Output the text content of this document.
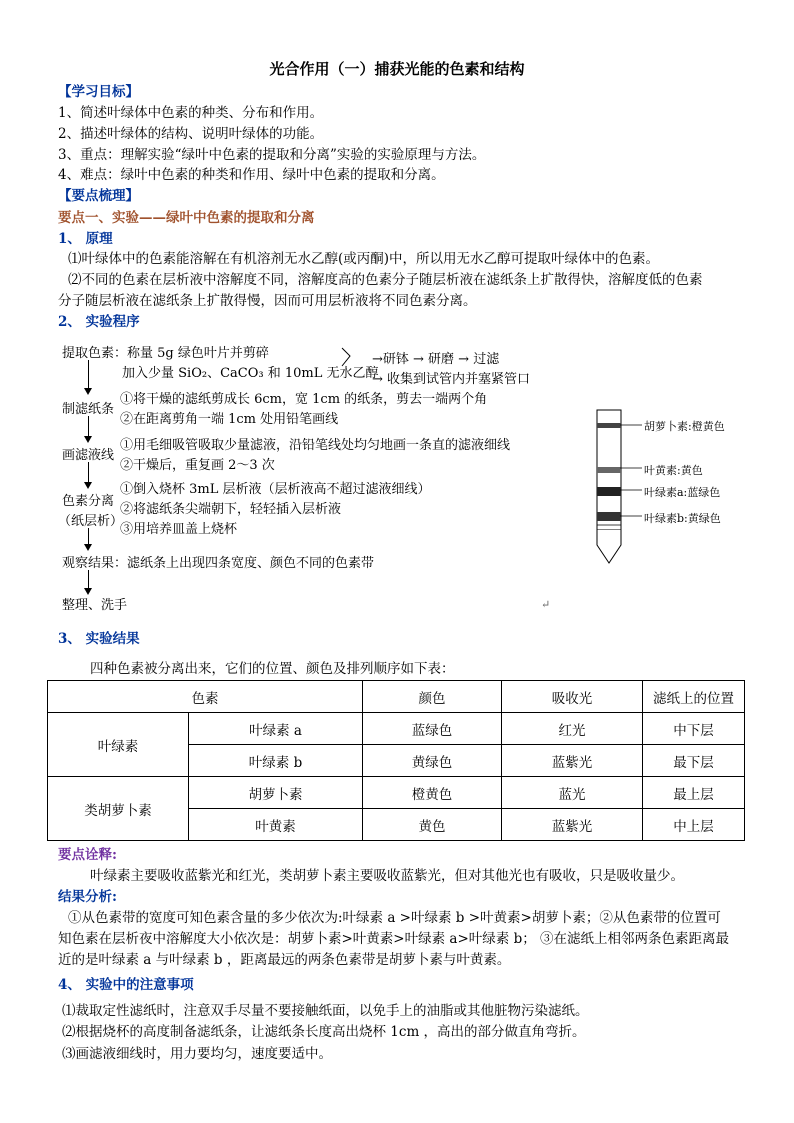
光合作用（一）捕获光能的色素和结构
【学习目标】
1、简述叶绿体中色素的种类、分布和作用。
2、描述叶绿体的结构、说明叶绿体的功能。
3、重点：理解实验“绿叶中色素的提取和分离”实验的实验原理与方法。
4、难点：绿叶中色素的种类和作用、绿叶中色素的提取和分离。
【要点梳理】
要点一、实验——绿叶中色素的提取和分离
1、 原理
⑴叶绿体中的色素能溶解在有机溶剂无水乙醇(或丙酮)中，所以用无水乙醇可提取叶绿体中的色素。
⑵不同的色素在层析液中溶解度不同，溶解度高的色素分子随层析液在滤纸条上扩散得快，溶解度低的色素
分子随层析液在滤纸条上扩散得慢，因而可用层析液将不同色素分离。
2、 实验程序
提取色素：称量 5g 绿色叶片并剪碎
加入少量 SiO₂、CaCO₃ 和 10mL 无水乙醇
→研钵 → 研磨 → 过滤
→ 收集到试管内并塞紧管口
制滤纸条
①将干燥的滤纸剪成长 6cm，宽 1cm 的纸条，剪去一端两个角
②在距离剪角一端 1cm 处用铅笔画线
画滤液线
①用毛细吸管吸取少量滤液，沿铅笔线处均匀地画一条直的滤液细线
②干燥后，重复画 2～3 次
色素分离
（纸层析）
①倒入烧杯 3mL 层析液（层析液高不超过滤液细线）
②将滤纸条尖端朝下，轻轻插入层析液
③用培养皿盖上烧杯
观察结果：滤纸条上出现四条宽度、颜色不同的色素带
整理、洗手	↵
胡萝卜素:橙黄色
叶黄素:黄色
叶绿素a:蓝绿色
叶绿素b:黄绿色
3、 实验结果
四种色素被分离出来，它们的位置、颜色及排列顺序如下表：
色素		颜色	吸收光	滤纸上的位置
叶绿素	叶绿素 a	蓝绿色	红光	中下层
	叶绿素 b	黄绿色	蓝紫光	最下层
类胡萝卜素	胡萝卜素	橙黄色	蓝光	最上层
	叶黄素	黄色	蓝紫光	中上层
要点诠释:
叶绿素主要吸收蓝紫光和红光，类胡萝卜素主要吸收蓝紫光，但对其他光也有吸收，只是吸收量少。
结果分析:
①从色素带的宽度可知色素含量的多少依次为:叶绿素 a >叶绿素 b >叶黄素>胡萝卜素；②从色素带的位置可
知色素在层析夜中溶解度大小依次是：胡萝卜素>叶黄素>叶绿素 a>叶绿素 b； ③在滤纸上相邻两条色素距离最
近的是叶绿素 a 与叶绿素 b ，距离最远的两条色素带是胡萝卜素与叶黄素。
4、 实验中的注意事项
⑴裁取定性滤纸时，注意双手尽量不要接触纸面，以免手上的油脂或其他脏物污染滤纸。
⑵根据烧杯的高度制备滤纸条，让滤纸条长度高出烧杯 1cm ，高出的部分做直角弯折。
⑶画滤液细线时，用力要均匀，速度要适中。
